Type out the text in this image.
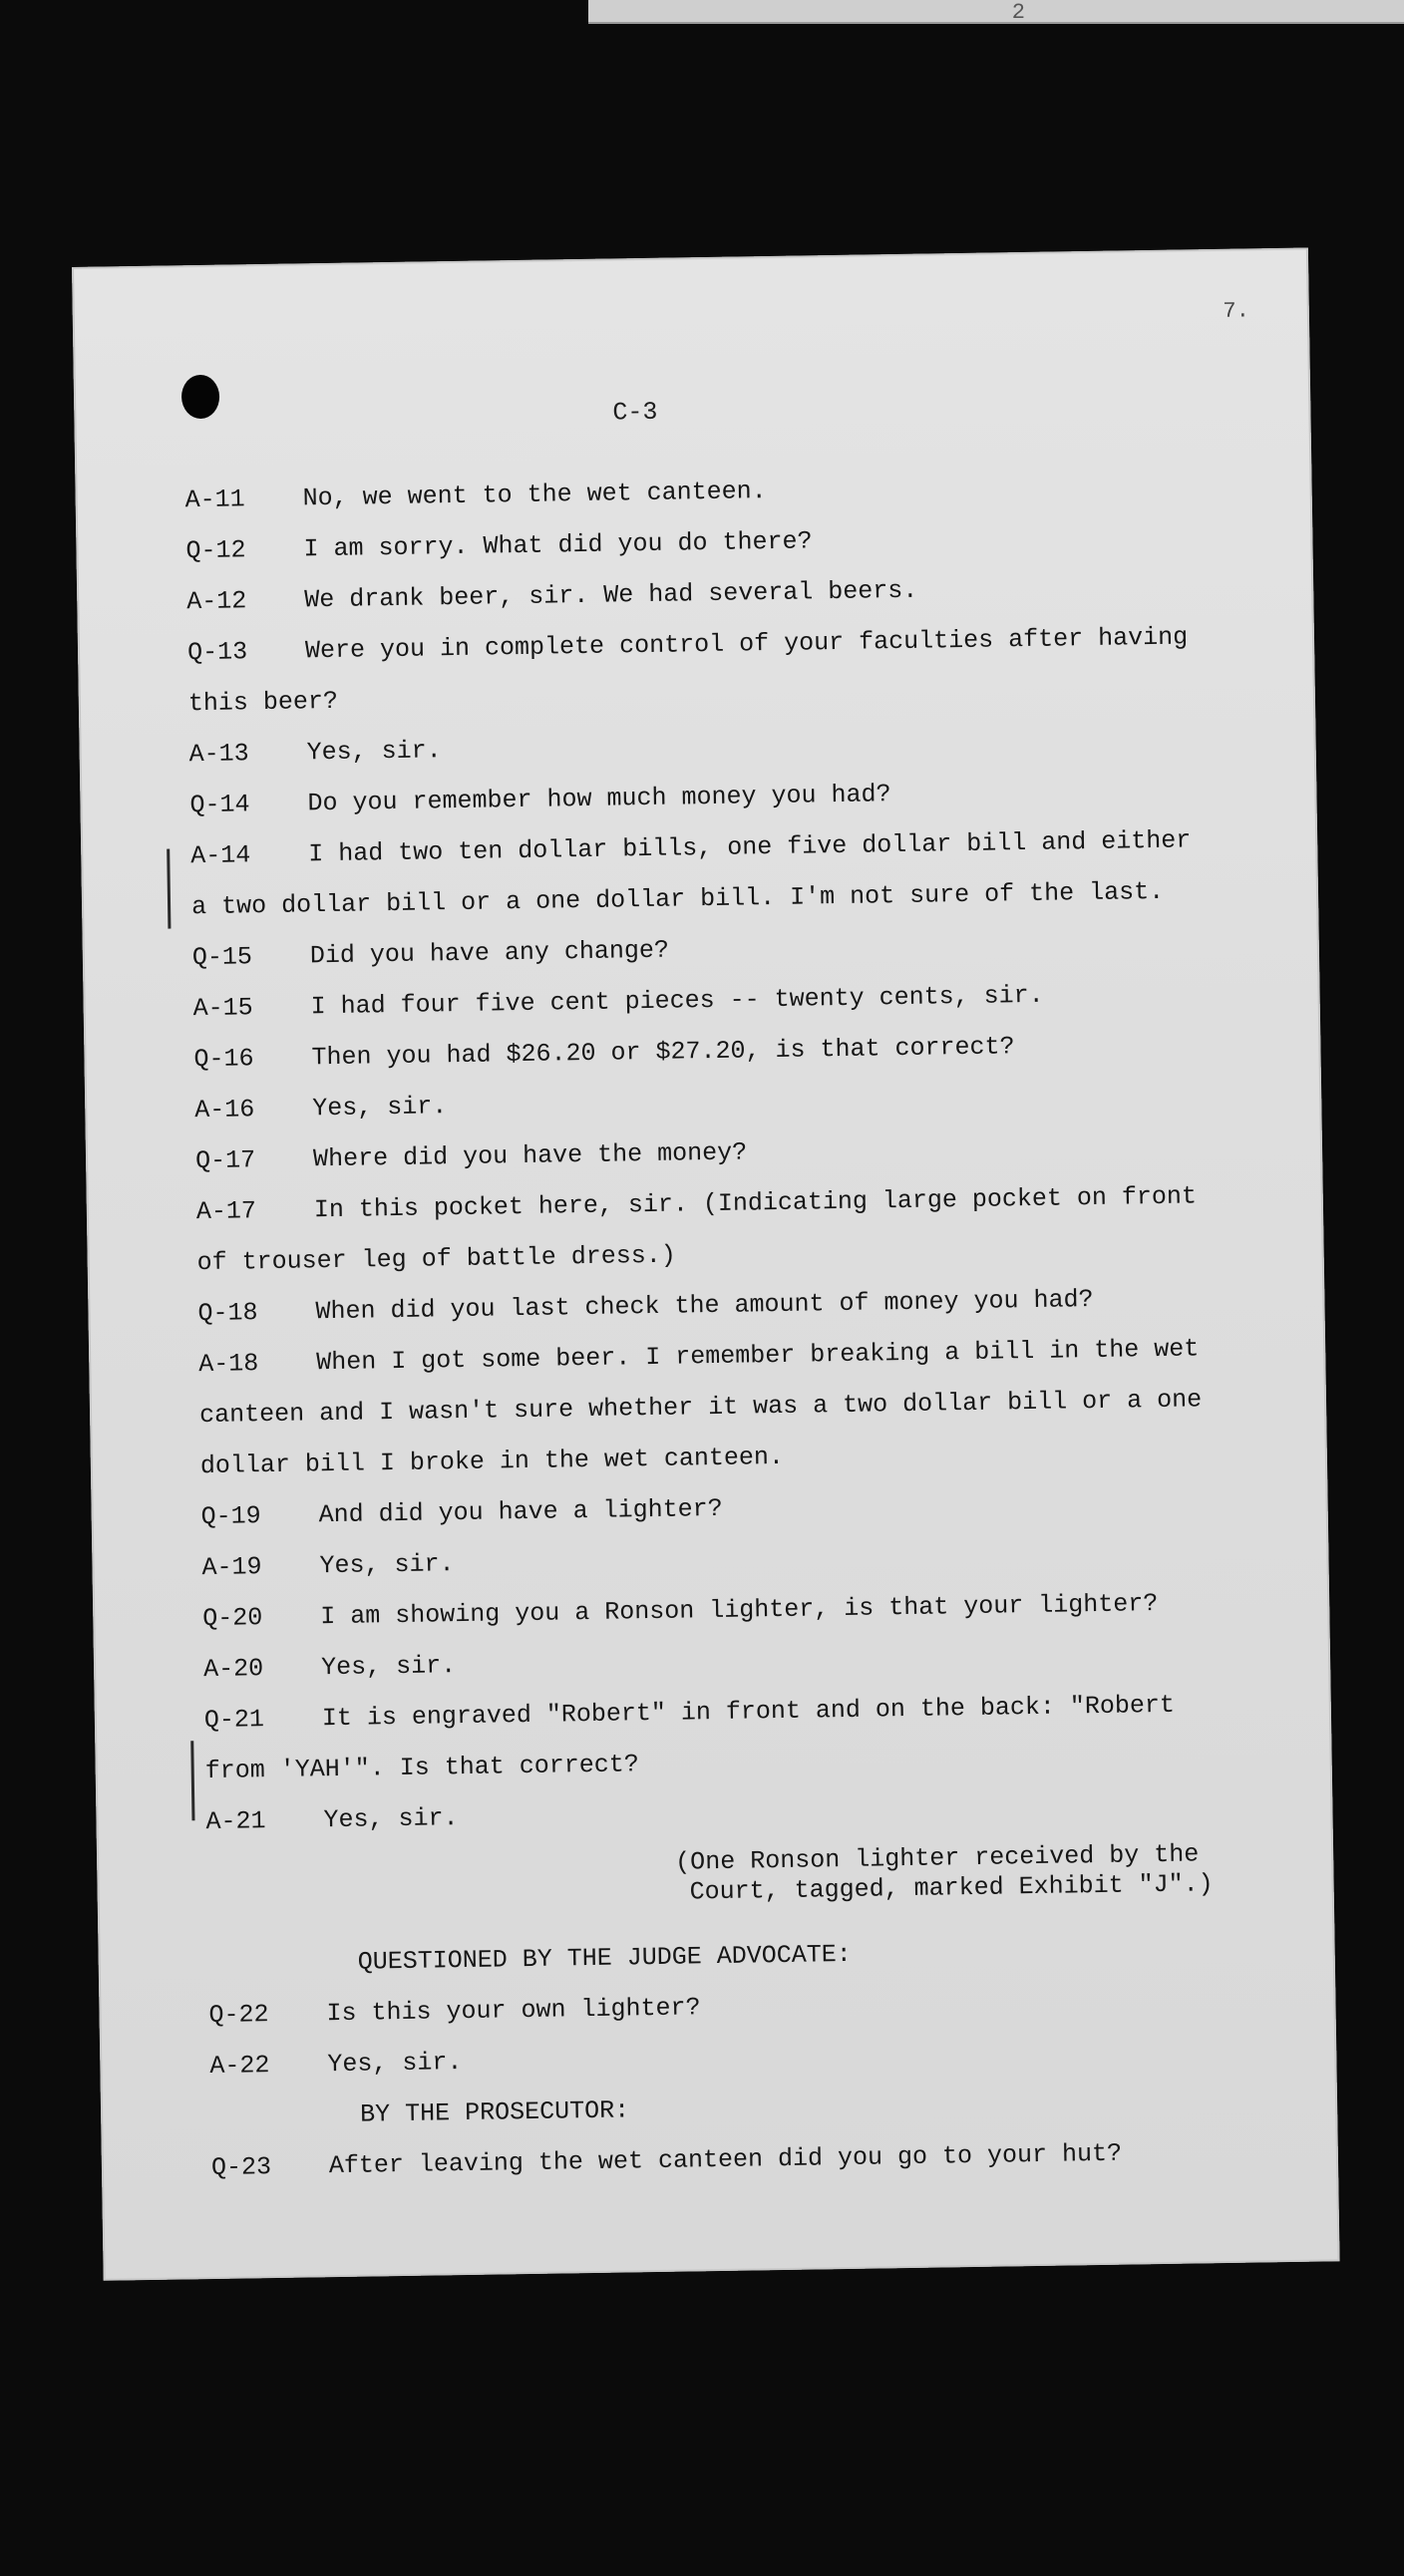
2
7.
C-3
A-11	No, we went to the wet canteen.
Q-12	I am sorry. What did you do there?
A-12	We drank beer, sir. We had several beers.
Q-13	Were you in complete control of your faculties after having
this beer?
A-13	Yes, sir.
Q-14	Do you remember how much money you had?
A-14	I had two ten dollar bills, one five dollar bill and either
a two dollar bill or a one dollar bill. I'm not sure of the last.
Q-15	Did you have any change?
A-15	I had four five cent pieces -- twenty cents, sir.
Q-16	Then you had $26.20 or $27.20, is that correct?
A-16	Yes, sir.
Q-17	Where did you have the money?
A-17	In this pocket here, sir. (Indicating large pocket on front
of trouser leg of battle dress.)
Q-18	When did you last check the amount of money you had?
A-18	When I got some beer. I remember breaking a bill in the wet
canteen and I wasn't sure whether it was a two dollar bill or a one
dollar bill I broke in the wet canteen.
Q-19	And did you have a lighter?
A-19	Yes, sir.
Q-20	I am showing you a Ronson lighter, is that your lighter?
A-20	Yes, sir.
Q-21	It is engraved "Robert" in front and on the back: "Robert
from 'YAH'". Is that correct?
A-21	Yes, sir.
(One Ronson lighter received by the
Court, tagged, marked Exhibit "J".)
QUESTIONED BY THE JUDGE ADVOCATE:
Q-22	Is this your own lighter?
A-22	Yes, sir.
BY THE PROSECUTOR:
Q-23	After leaving the wet canteen did you go to your hut?
